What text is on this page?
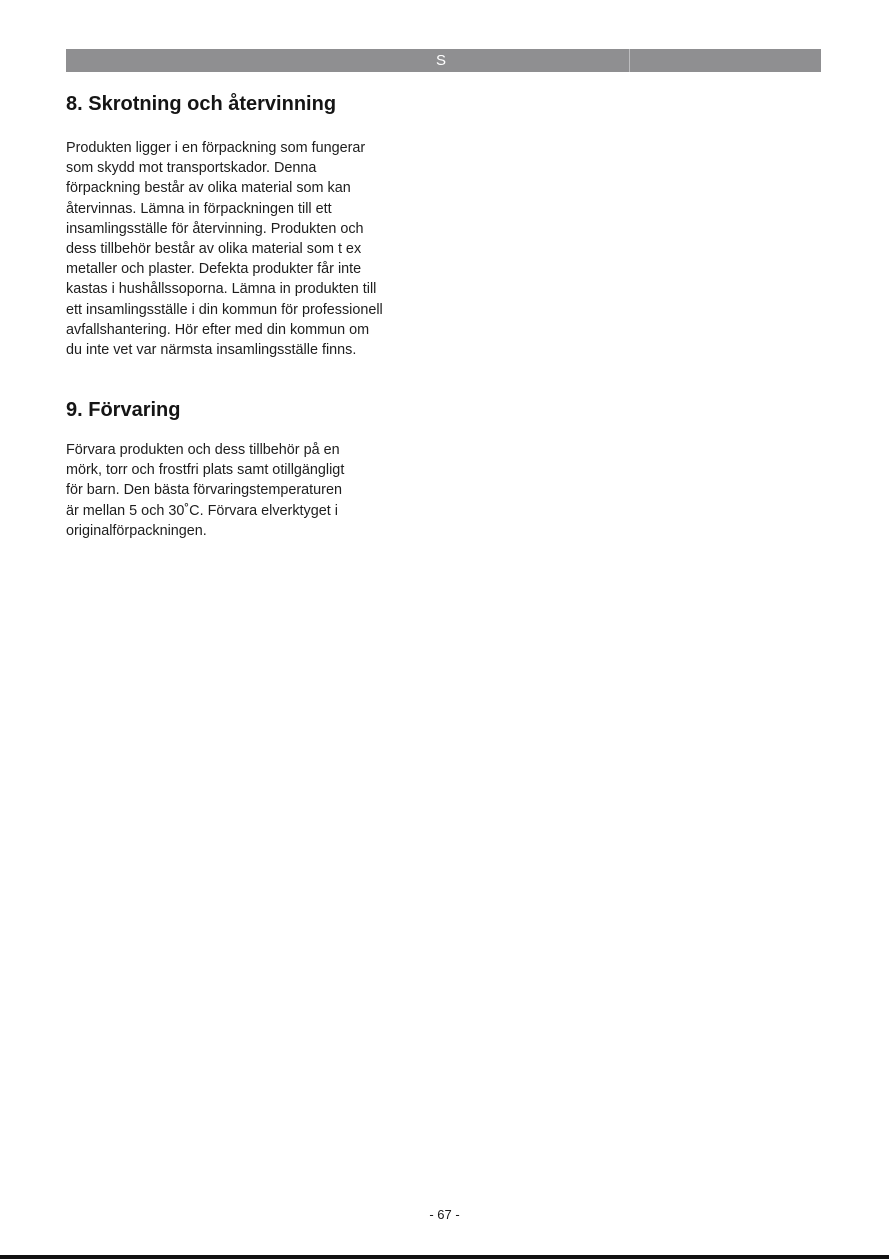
S
8. Skrotning och återvinning

Produkten ligger i en förpackning som fungerar
som skydd mot transportskador. Denna
förpackning består av olika material som kan
återvinnas. Lämna in förpackningen till ett
insamlingsställe för återvinning. Produkten och
dess tillbehör består av olika material som t ex
metaller och plaster. Defekta produkter får inte
kastas i hushållssoporna. Lämna in produkten till
ett insamlingsställe i din kommun för professionell
avfallshantering. Hör efter med din kommun om
du inte vet var närmsta insamlingsställe finns.

9. Förvaring

Förvara produkten och dess tillbehör på en
mörk, torr och frostfri plats samt otillgängligt
för barn. Den bästa förvaringstemperaturen
är mellan 5 och 30˚C. Förvara elverktyget i
originalförpackningen.

- 67 -
